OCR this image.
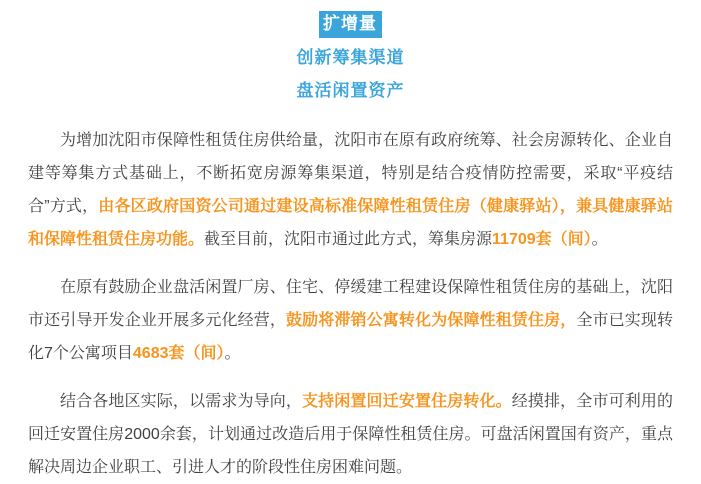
扩增量
创新筹集渠道
盘活闲置资产

为增加沈阳市保障性租赁住房供给量，沈阳市在原有政府统筹、社会房源转化、企业自建等筹集方式基础上，不断拓宽房源筹集渠道，特别是结合疫情防控需要，采取“平疫结合”方式，由各区政府国资公司通过建设高标准保障性租赁住房（健康驿站），兼具健康驿站和保障性租赁住房功能。截至目前，沈阳市通过此方式，筹集房源11709套（间）。

在原有鼓励企业盘活闲置厂房、住宅、停缓建工程建设保障性租赁住房的基础上，沈阳市还引导开发企业开展多元化经营，鼓励将滞销公寓转化为保障性租赁住房，全市已实现转化7个公寓项目4683套（间）。

结合各地区实际，以需求为导向，支持闲置回迁安置住房转化。经摸排，全市可利用的回迁安置住房2000余套，计划通过改造后用于保障性租赁住房。可盘活闲置国有资产，重点解决周边企业职工、引进人才的阶段性住房困难问题。
